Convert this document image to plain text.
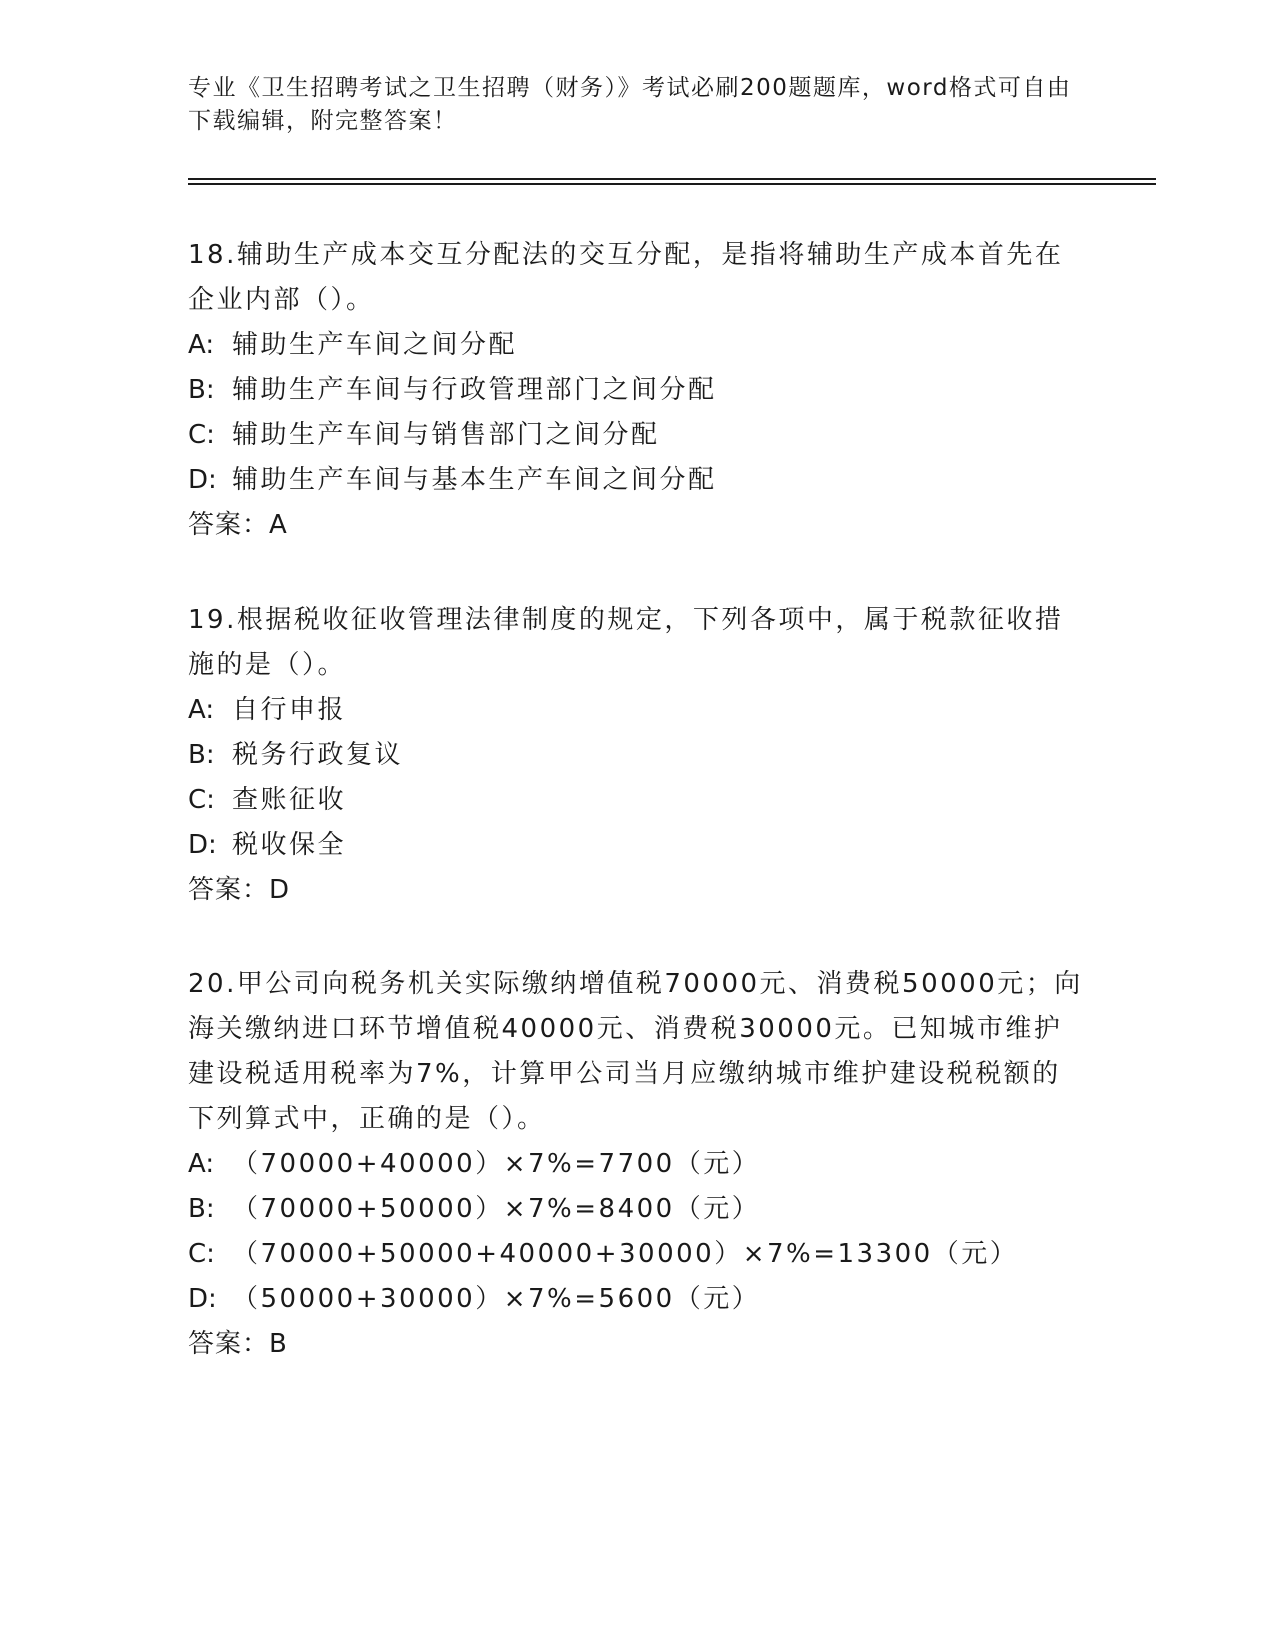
专业《卫生招聘考试之卫生招聘（财务）》考试必刷200题题库，word格式可自由下载编辑，附完整答案！

18.辅助生产成本交互分配法的交互分配，是指将辅助生产成本首先在企业内部（）。

A: 辅助生产车间之间分配

B: 辅助生产车间与行政管理部门之间分配

C: 辅助生产车间与销售部门之间分配

D: 辅助生产车间与基本生产车间之间分配

答案：A

19.根据税收征收管理法律制度的规定，下列各项中，属于税款征收措施的是（）。

A: 自行申报

B: 税务行政复议

C: 查账征收

D: 税收保全

答案：D

20.甲公司向税务机关实际缴纳增值税70000元、消费税50000元；向海关缴纳进口环节增值税40000元、消费税30000元。已知城市维护建设税适用税率为7%，计算甲公司当月应缴纳城市维护建设税税额的下列算式中，正确的是（）。

A: （70000+40000）×7%=7700（元）

B: （70000+50000）×7%=8400（元）

C: （70000+50000+40000+30000）×7%=13300（元）

D: （50000+30000）×7%=5600（元）

答案：B
